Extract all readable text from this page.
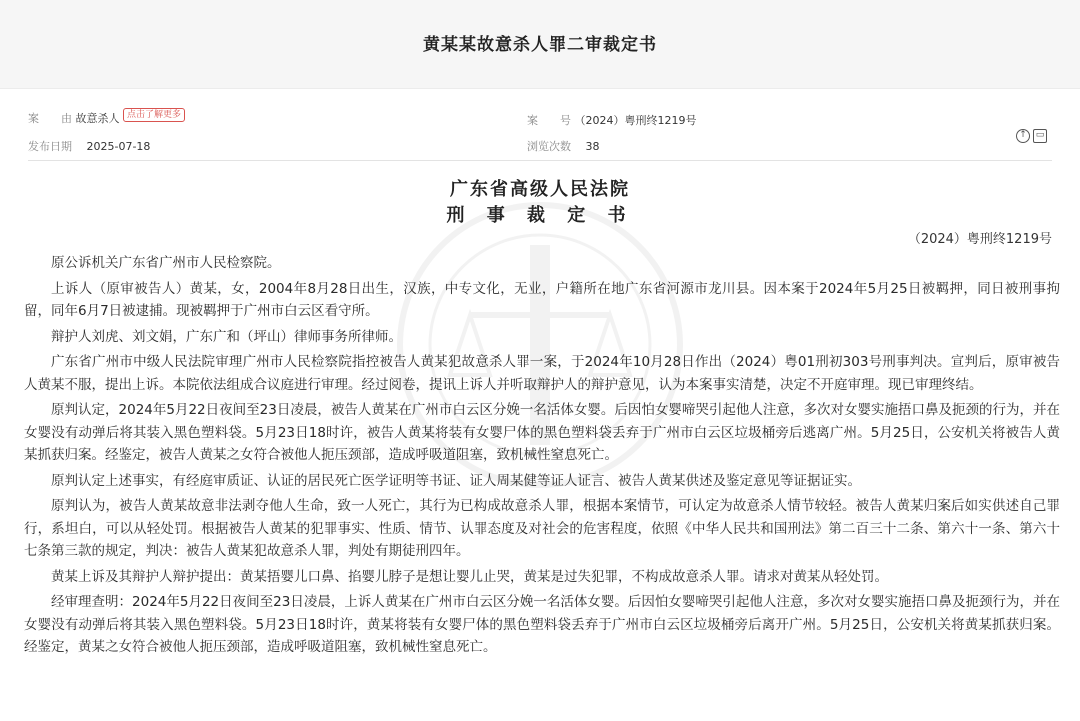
黄某某故意杀人罪二审裁定书
案　　由 故意杀人 点击了解更多
发布日期　 2025-07-18
案　　号 （2024）粤刑终1219号
浏览次数　 38
↑ ▭
广东省高级人民法院
刑 事 裁 定 书
（2024）粤刑终1219号

原公诉机关广东省广州市人民检察院。

上诉人（原审被告人）黄某，女，2004年8月28日出生，汉族，中专文化，无业，户籍所在地广东省河源市龙川县。因本案于2024年5月25日被羁押，同日被刑事拘留，同年6月7日被逮捕。现被羁押于广州市白云区看守所。

辩护人刘虎、刘文娟，广东广和（坪山）律师事务所律师。

广东省广州市中级人民法院审理广州市人民检察院指控被告人黄某犯故意杀人罪一案，于2024年10月28日作出（2024）粤01刑初303号刑事判决。宣判后，原审被告人黄某不服，提出上诉。本院依法组成合议庭进行审理。经过阅卷，提讯上诉人并听取辩护人的辩护意见，认为本案事实清楚，决定不开庭审理。现已审理终结。

原判认定，2024年5月22日夜间至23日凌晨，被告人黄某在广州市白云区分娩一名活体女婴。后因怕女婴啼哭引起他人注意，多次对女婴实施捂口鼻及扼颈的行为，并在女婴没有动弹后将其装入黑色塑料袋。5月23日18时许，被告人黄某将装有女婴尸体的黑色塑料袋丢弃于广州市白云区垃圾桶旁后逃离广州。5月25日，公安机关将被告人黄某抓获归案。经鉴定，被告人黄某之女符合被他人扼压颈部，造成呼吸道阻塞，致机械性窒息死亡。

原判认定上述事实，有经庭审质证、认证的居民死亡医学证明等书证、证人周某健等证人证言、被告人黄某供述及鉴定意见等证据证实。

原判认为，被告人黄某故意非法剥夺他人生命，致一人死亡，其行为已构成故意杀人罪，根据本案情节，可认定为故意杀人情节较轻。被告人黄某归案后如实供述自己罪行，系坦白，可以从轻处罚。根据被告人黄某的犯罪事实、性质、情节、认罪态度及对社会的危害程度，依照《中华人民共和国刑法》第二百三十二条、第六十一条、第六十七条第三款的规定，判决：被告人黄某犯故意杀人罪，判处有期徒刑四年。

黄某上诉及其辩护人辩护提出：黄某捂婴儿口鼻、掐婴儿脖子是想让婴儿止哭，黄某是过失犯罪，不构成故意杀人罪。请求对黄某从轻处罚。

经审理查明：2024年5月22日夜间至23日凌晨，上诉人黄某在广州市白云区分娩一名活体女婴。后因怕女婴啼哭引起他人注意，多次对女婴实施捂口鼻及扼颈行为，并在女婴没有动弹后将其装入黑色塑料袋。5月23日18时许，黄某将装有女婴尸体的黑色塑料袋丢弃于广州市白云区垃圾桶旁后离开广州。5月25日，公安机关将黄某抓获归案。经鉴定，黄某之女符合被他人扼压颈部，造成呼吸道阻塞，致机械性窒息死亡。
